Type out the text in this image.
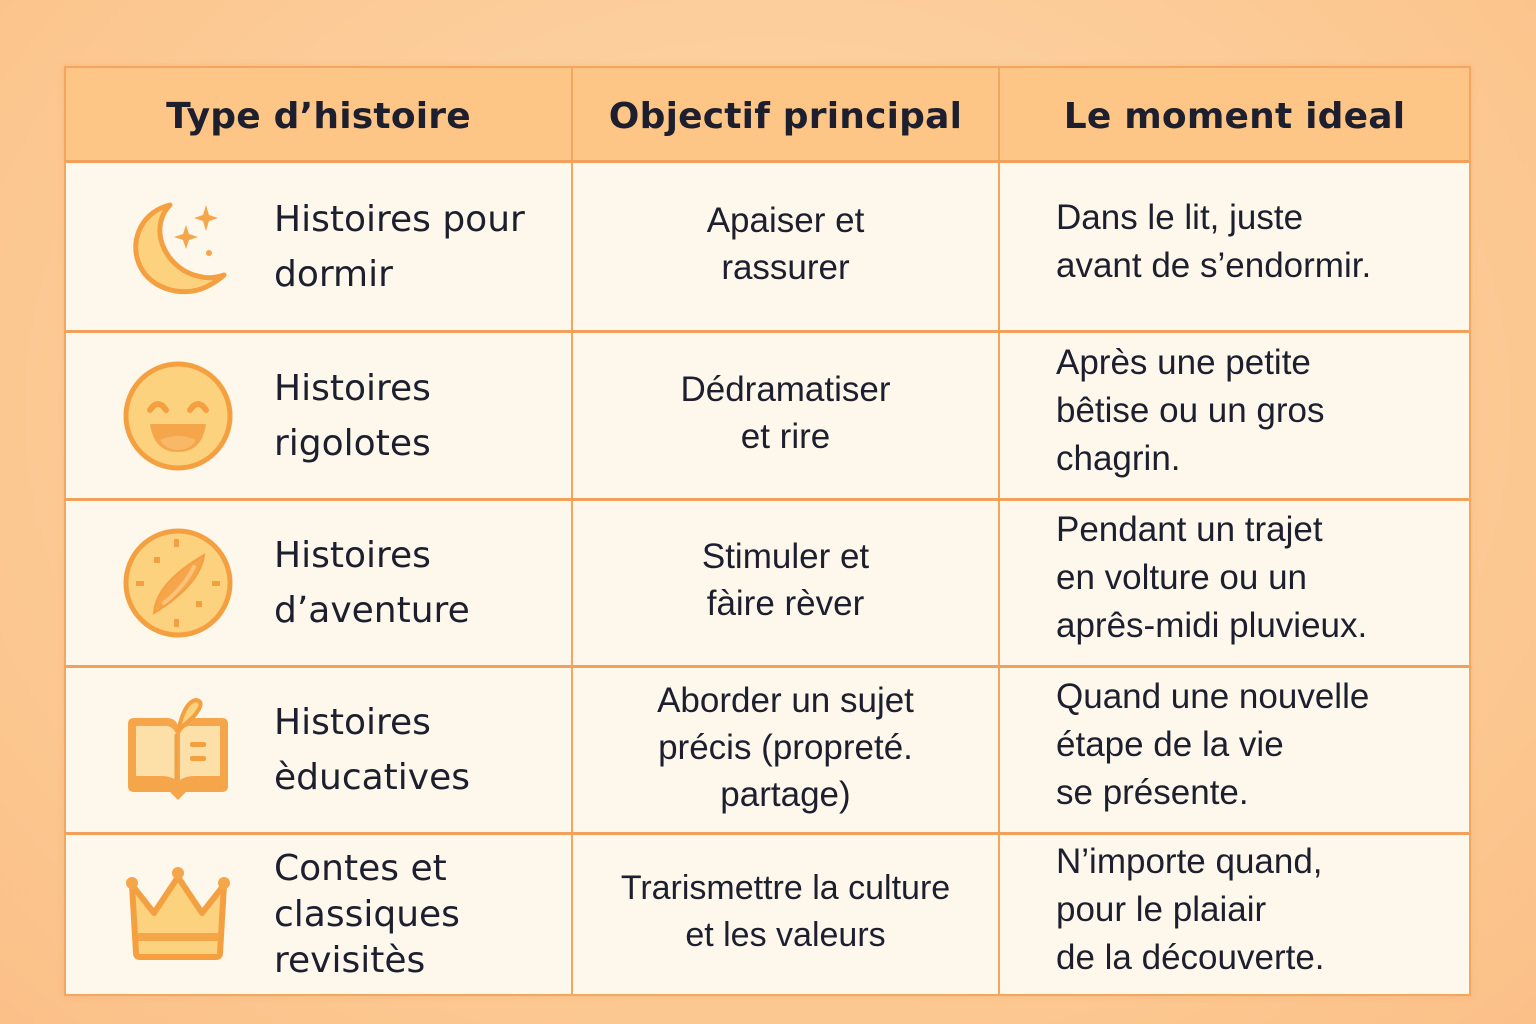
Type d’histoire	Objectif principal	Le moment ideal
Histoires pour
dormir
Apaiser et
rassurer
Dans le lit, juste
avant de s’endormir.
Histoires
rigolotes
Dédramatiser
et rire
Après une petite
bêtise ou un gros
chagrin.
Histoires
d’aventure
Stimuler et
fàire rèver
Pendant un trajet
en volture ou un
aprês-midi pluvieux.
Histoires
èducatives
Aborder un sujet
précis (propreté.
partage)
Quand une nouvelle
étape de la vie
se présente.
Contes et
classiques
revisitès
Trarismettre la culture
et les valeurs
N’importe quand,
pour le plaiair
de la découverte.
